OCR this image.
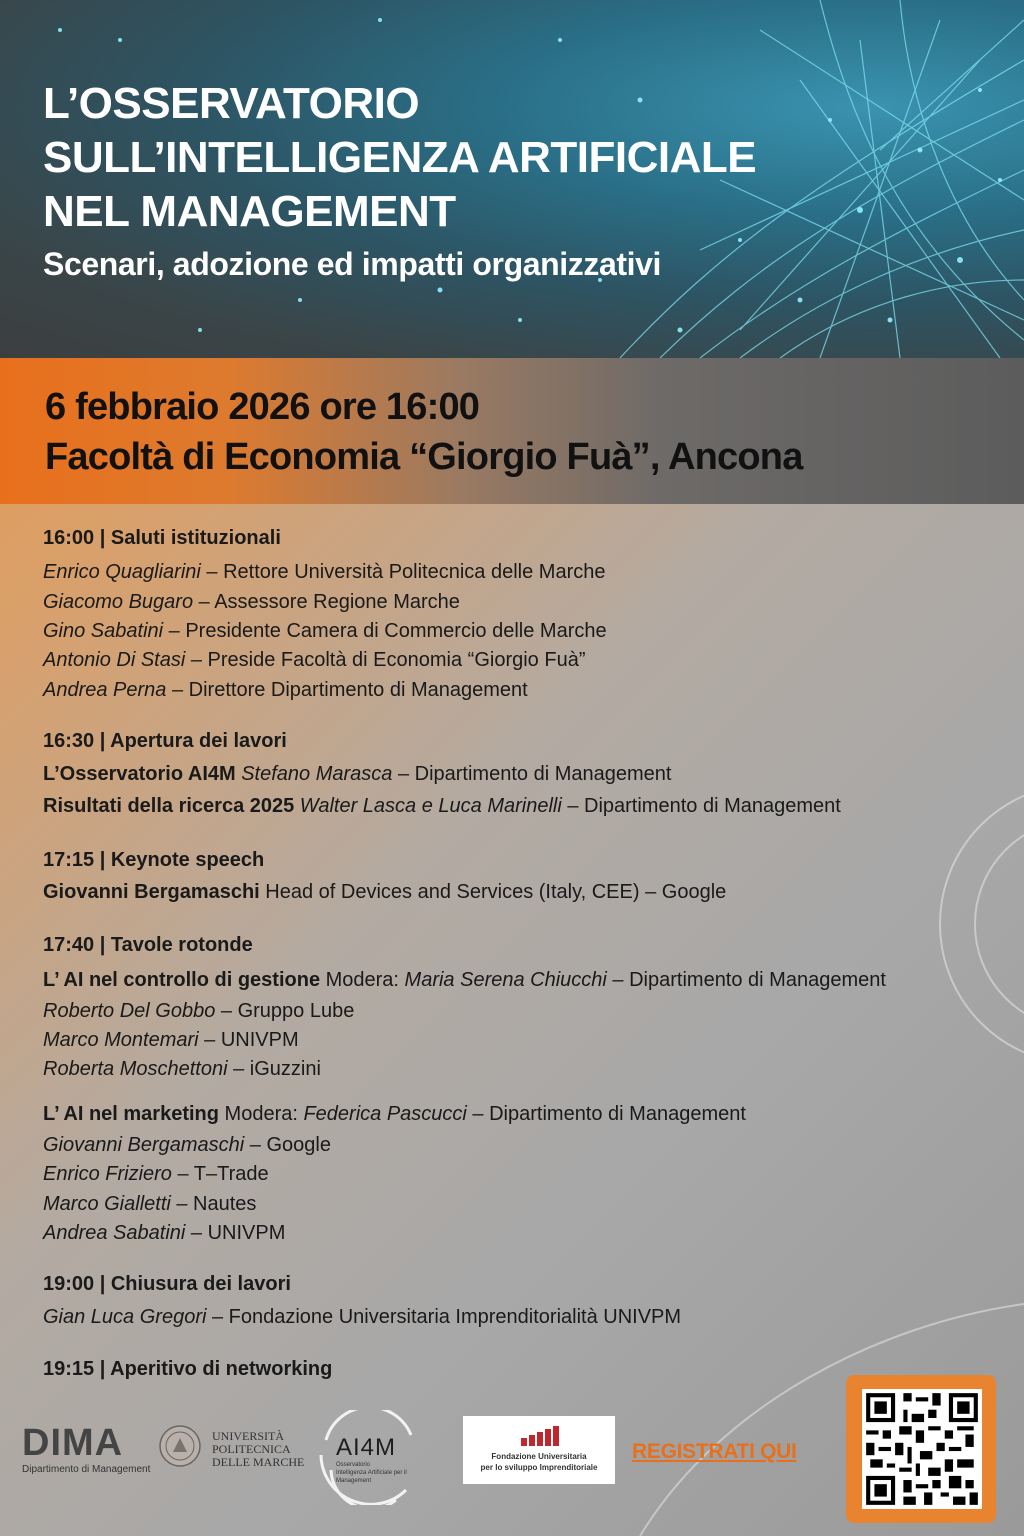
L’OSSERVATORIO

SULL’INTELLIGENZA ARTIFICIALE

NEL MANAGEMENT

Scenari, adozione ed impatti organizzativi

6 febbraio 2026 ore 16:00

Facoltà di Economia “Giorgio Fuà”, Ancona

16:00 | Saluti istituzionali

Enrico Quagliarini – Rettore Università Politecnica delle Marche

Giacomo Bugaro – Assessore Regione Marche

Gino Sabatini – Presidente Camera di Commercio delle Marche

Antonio Di Stasi – Preside Facoltà di Economia “Giorgio Fuà”

Andrea Perna – Direttore Dipartimento di Management

16:30 | Apertura dei lavori

L’Osservatorio AI4M Stefano Marasca – Dipartimento di Management

Risultati della ricerca 2025 Walter Lasca e Luca Marinelli – Dipartimento di Management

17:15 | Keynote speech

Giovanni Bergamaschi Head of Devices and Services (Italy, CEE) – Google

17:40 | Tavole rotonde

L’ AI nel controllo di gestione Modera: Maria Serena Chiucchi – Dipartimento di Management

Roberto Del Gobbo – Gruppo Lube

Marco Montemari – UNIVPM

Roberta Moschettoni – iGuzzini

L’ AI nel marketing Modera: Federica Pascucci – Dipartimento di Management

Giovanni Bergamaschi – Google

Enrico Friziero – T–Trade

Marco Gialletti – Nautes

Andrea Sabatini – UNIVPM

19:00 | Chiusura dei lavori

Gian Luca Gregori – Fondazione Universitaria Imprenditorialità UNIVPM

19:15 | Aperitivo di networking

DIMA

Dipartimento di Management

UNIVERSITÀ

POLITECNICA

DELLE MARCHE

AI4M

Osservatorio

Intelligenza Artificiale per il

Management

Fondazione Universitaria

per lo sviluppo Imprenditoriale

REGISTRATI QUI
